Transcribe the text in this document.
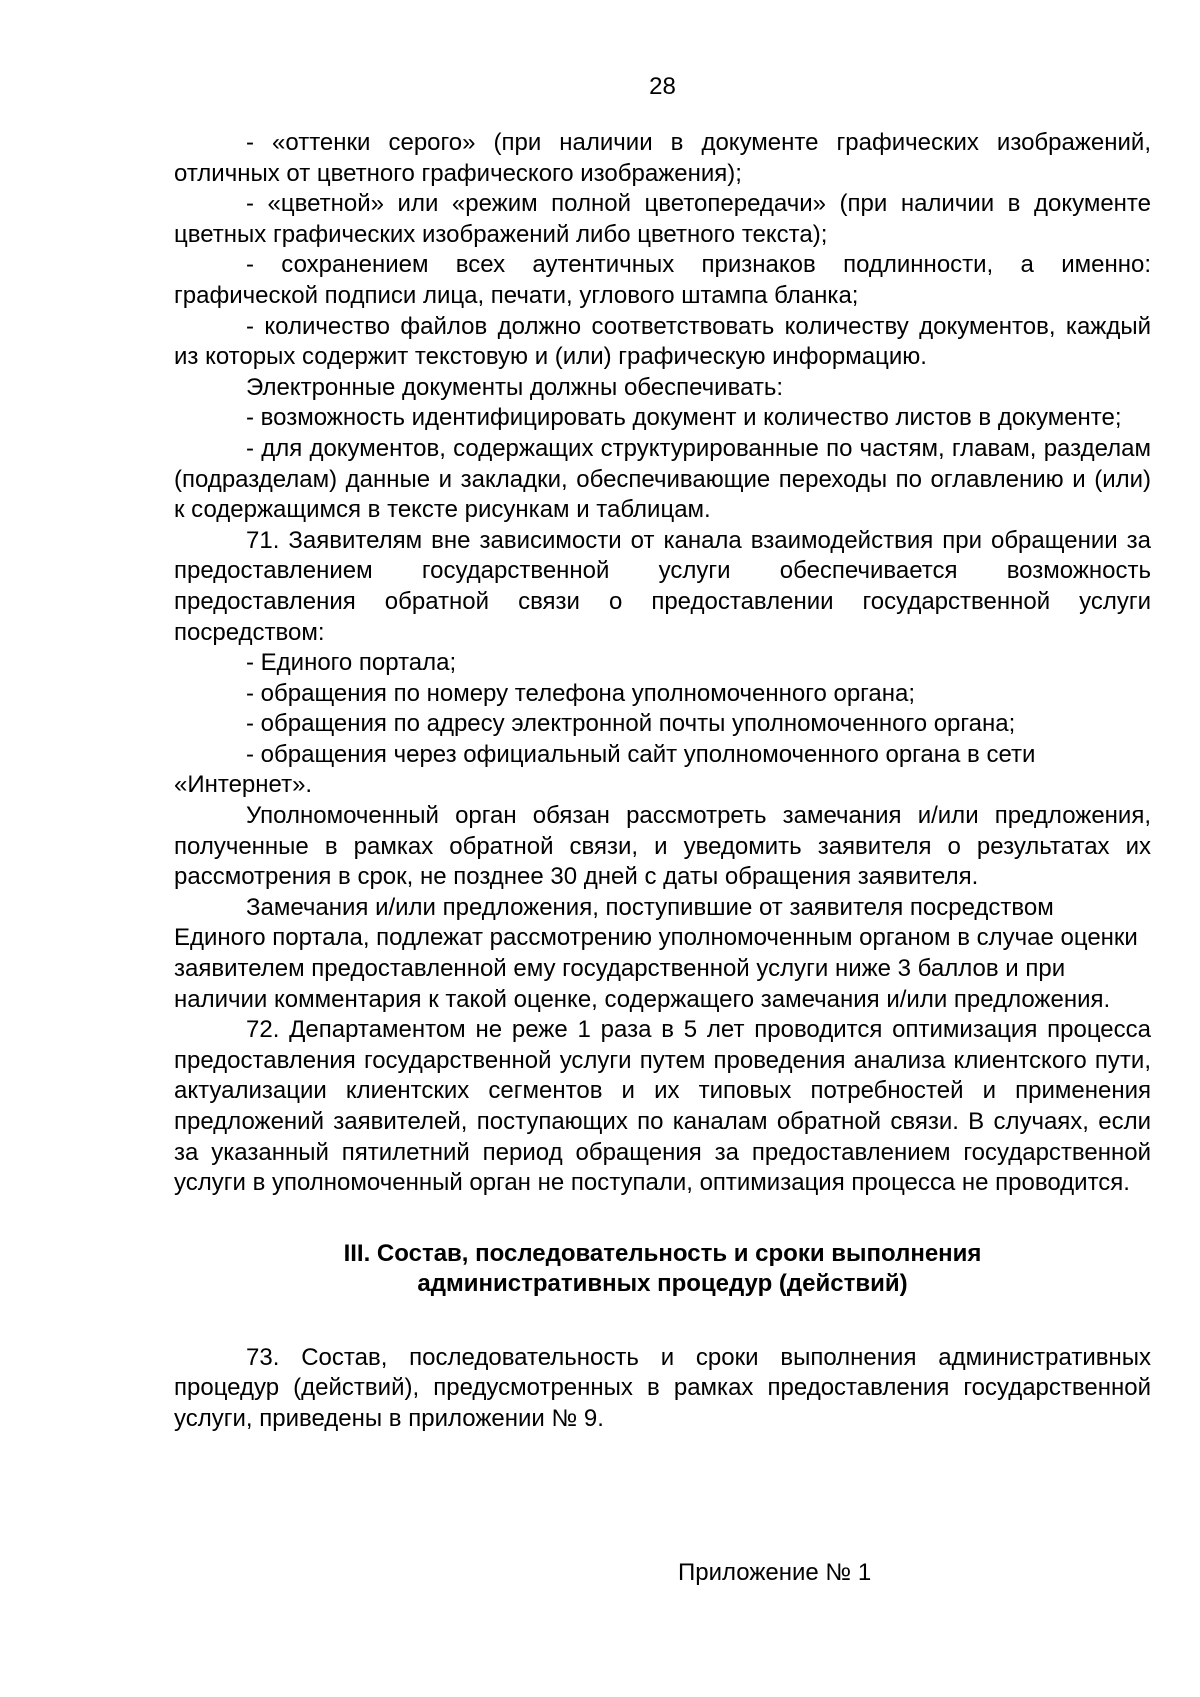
28

- «оттенки серого» (при наличии в документе графических изображений, отличных от цветного графического изображения);

- «цветной» или «режим полной цветопередачи» (при наличии в документе цветных графических изображений либо цветного текста);

- сохранением всех аутентичных признаков подлинности, а именно: графической подписи лица, печати, углового штампа бланка;

- количество файлов должно соответствовать количеству документов, каждый из которых содержит текстовую и (или) графическую информацию.

Электронные документы должны обеспечивать:

- возможность идентифицировать документ и количество листов в документе;

- для документов, содержащих структурированные по частям, главам, разделам (подразделам) данные и закладки, обеспечивающие переходы по оглавлению и (или) к содержащимся в тексте рисункам и таблицам.

71. Заявителям вне зависимости от канала взаимодействия при обращении за предоставлением государственной услуги обеспечивается возможность предоставления обратной связи о предоставлении государственной услуги посредством:

- Единого портала;

- обращения по номеру телефона уполномоченного органа;

- обращения по адресу электронной почты уполномоченного органа;

- обращения через официальный сайт уполномоченного органа в сети «Интернет».

Уполномоченный орган обязан рассмотреть замечания и/или предложения, полученные в рамках обратной связи, и уведомить заявителя о результатах их рассмотрения в срок, не позднее 30 дней с даты обращения заявителя.

Замечания и/или предложения, поступившие от заявителя посредством Единого портала, подлежат рассмотрению уполномоченным органом в случае оценки заявителем предоставленной ему государственной услуги ниже 3 баллов и при наличии комментария к такой оценке, содержащего замечания и/или предложения.

72. Департаментом не реже 1 раза в 5 лет проводится оптимизация процесса предоставления государственной услуги путем проведения анализа клиентского пути, актуализации клиентских сегментов и их типовых потребностей и применения предложений заявителей, поступающих по каналам обратной связи. В случаях, если за указанный пятилетний период обращения за предоставлением государственной услуги в уполномоченный орган не поступали, оптимизация процесса не проводится.

III. Состав, последовательность и сроки выполнения
административных процедур (действий)

73. Состав, последовательность и сроки выполнения административных процедур (действий), предусмотренных в рамках предоставления государственной услуги, приведены в приложении № 9.

Приложение № 1
